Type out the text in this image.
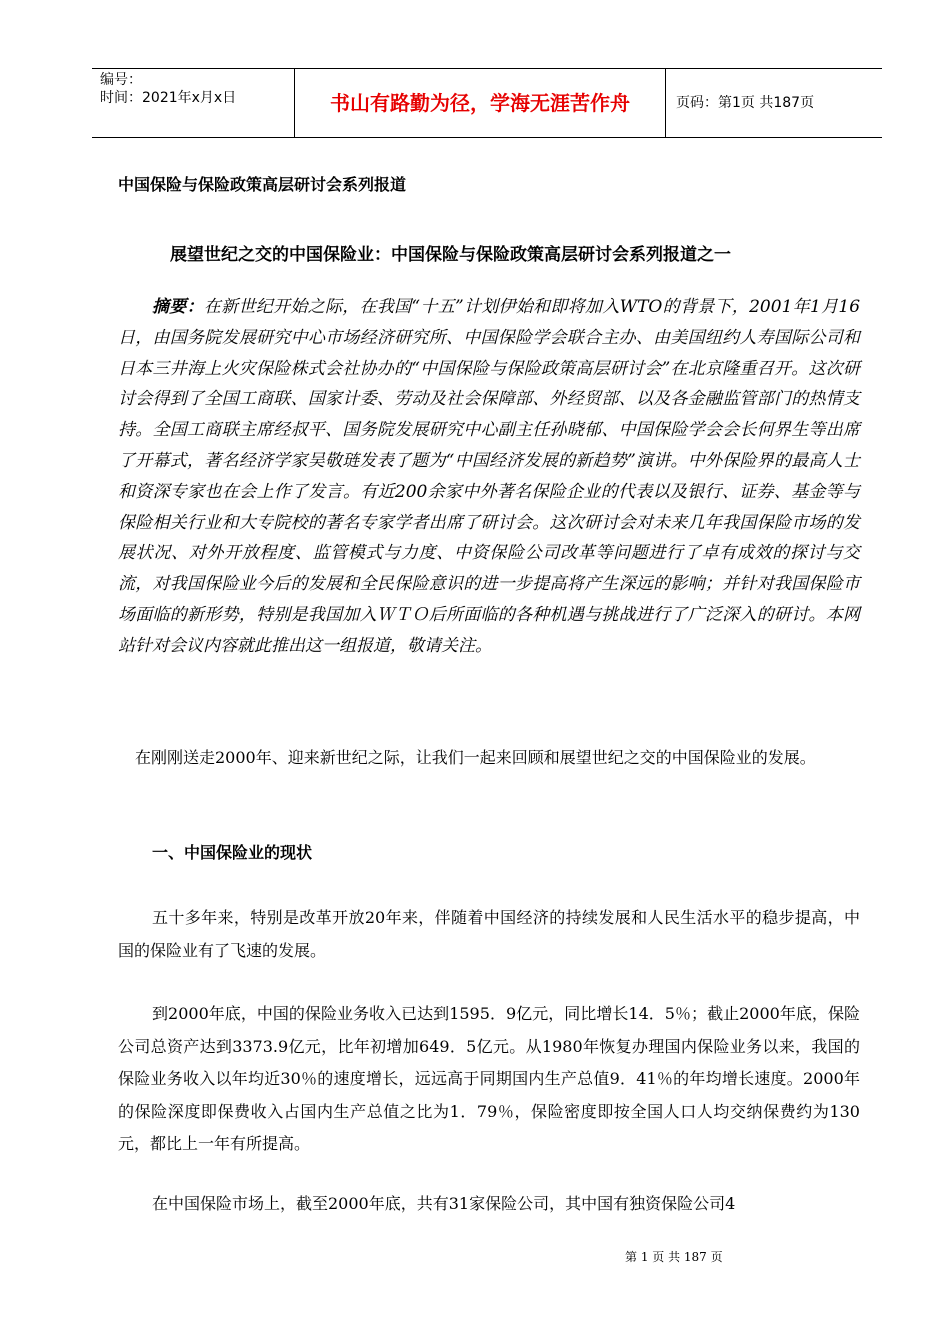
编号：
时间：2021年x月x日	书山有路勤为径，学海无涯苦作舟	页码：第1页 共187页
中国保险与保险政策高层研讨会系列报道
展望世纪之交的中国保险业：中国保险与保险政策高层研讨会系列报道之一
摘要：在新世纪开始之际，在我国“十五”计划伊始和即将加入WTO的背景下，2001年1月16日，由国务院发展研究中心市场经济研究所、中国保险学会联合主办、由美国纽约人寿国际公司和日本三井海上火灾保险株式会社协办的“中国保险与保险政策高层研讨会”在北京隆重召开。这次研讨会得到了全国工商联、国家计委、劳动及社会保障部、外经贸部、以及各金融监管部门的热情支持。全国工商联主席经叔平、国务院发展研究中心副主任孙晓郁、中国保险学会会长何界生等出席了开幕式，著名经济学家吴敬琏发表了题为“中国经济发展的新趋势”演讲。中外保险界的最高人士和资深专家也在会上作了发言。有近200余家中外著名保险企业的代表以及银行、证券、基金等与保险相关行业和大专院校的著名专家学者出席了研讨会。这次研讨会对未来几年我国保险市场的发展状况、对外开放程度、监管模式与力度、中资保险公司改革等问题进行了卓有成效的探讨与交流，对我国保险业今后的发展和全民保险意识的进一步提高将产生深远的影响；并针对我国保险市场面临的新形势，特别是我国加入ＷＴＯ后所面临的各种机遇与挑战进行了广泛深入的研讨。本网站针对会议内容就此推出这一组报道，敬请关注。
在刚刚送走2000年、迎来新世纪之际，让我们一起来回顾和展望世纪之交的中国保险业的发展。
一、中国保险业的现状
五十多年来，特别是改革开放20年来，伴随着中国经济的持续发展和人民生活水平的稳步提高，中国的保险业有了飞速的发展。
到2000年底，中国的保险业务收入已达到1595．9亿元，同比增长14．5％；截止2000年底，保险公司总资产达到3373.9亿元，比年初增加649．5亿元。从1980年恢复办理国内保险业务以来，我国的保险业务收入以年均近30％的速度增长，远远高于同期国内生产总值9．41％的年均增长速度。2000年的保险深度即保费收入占国内生产总值之比为1．79％，保险密度即按全国人口人均交纳保费约为130元，都比上一年有所提高。
在中国保险市场上，截至2000年底，共有31家保险公司，其中国有独资保险公司4
第 1 页 共 187 页
